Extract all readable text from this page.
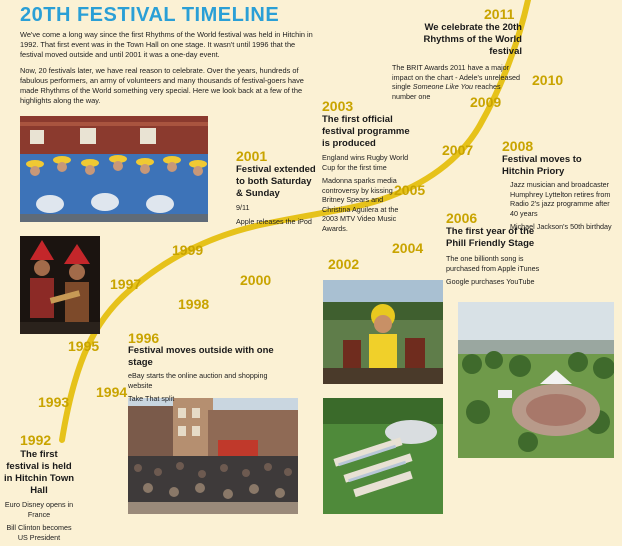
20TH FESTIVAL TIMELINE

We've come a long way since the first Rhythms of the World festival was held in Hitchin in 1992. That first event was in the Town Hall on one stage. It wasn't until 1996 that the festival moved outside and until 2001 it was a one-day event.

Now, 20 festivals later, we have real reason to celebrate. Over the years, hundreds of fabulous performers, an army of volunteers and many thousands of festival-goers have made Rhythms of the World something very special. Here we look back at a few of the highlights along the way.

1992
1993
1994
1995 1996
1997
1998
1999
2000
2001
2002
2003
2004
2005
2006
2007 2008
2009
2010
2011
The first festival is held in Hitchin Town Hall

Euro Disney opens in France

Bill Clinton becomes US President

Festival moves outside with one stage

eBay starts the online auction and shopping website

Take That split

Festival extended to both Saturday & Sunday

9/11

Apple releases the iPod

The first official festival programme is produced

England wins Rugby World Cup for the first time

Madonna sparks media controversy by kissing Britney Spears and Christina Aguilera at the 2003 MTV Video Music Awards.	The first year of the Phill Friendly Stage

The one billionth song is purchased from Apple iTunes

Google purchases YouTube

Festival moves to Hitchin Priory

Jazz musician and broadcaster Humphrey Lyttelton retires from Radio 2's jazz programme after 40 years

Michael Jackson's 50th birthday

We celebrate the 20th Rhythms of the World festival
The BRIT Awards 2011 have a major impact on the chart - Adele's unreleased single Someone Like You reaches number one
